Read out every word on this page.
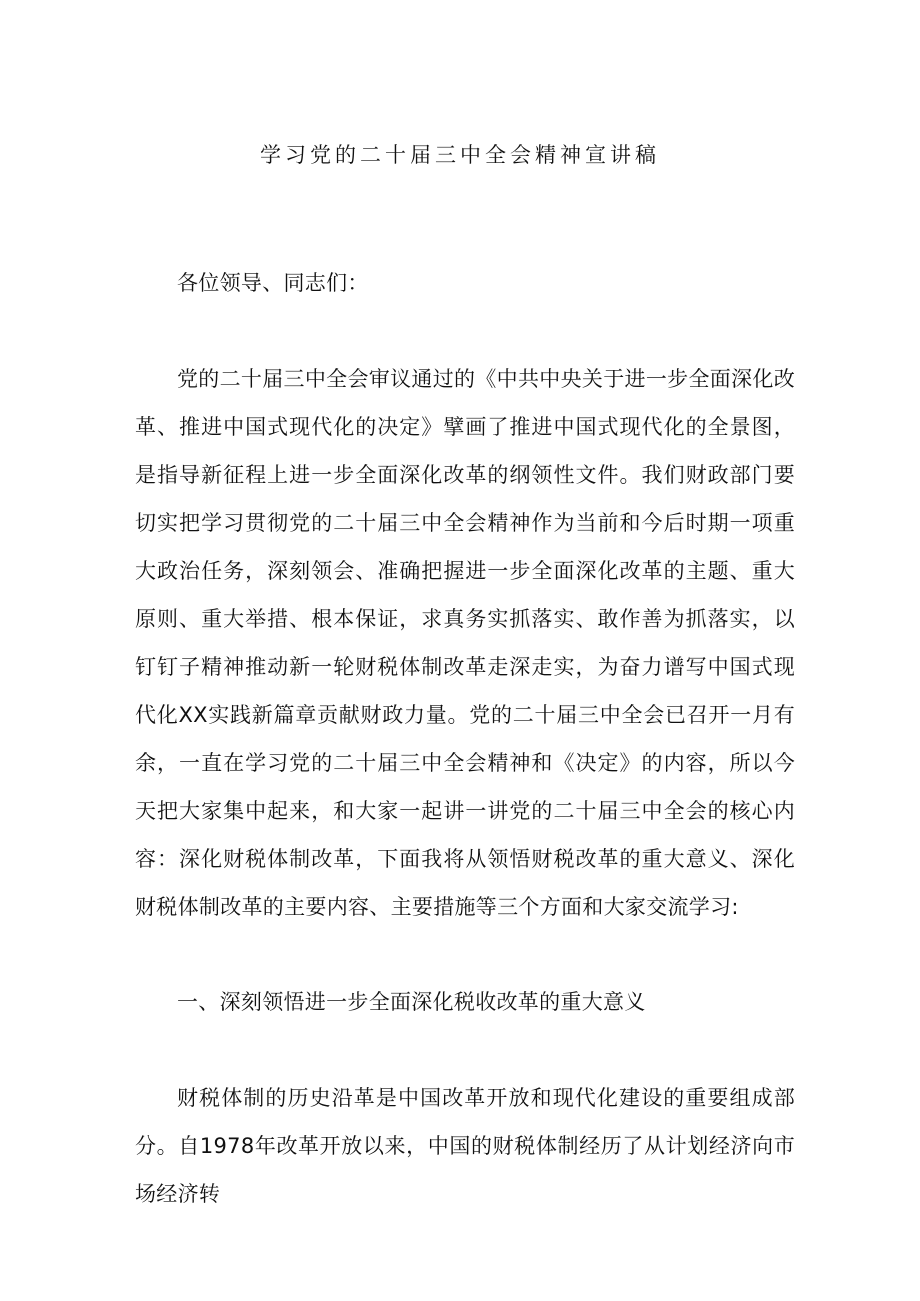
学习党的二十届三中全会精神宣讲稿

各位领导、同志们：

党的二十届三中全会审议通过的《中共中央关于进一步全面深化改革、推进中国式现代化的决定》擘画了推进中国式现代化的全景图，是指导新征程上进一步全面深化改革的纲领性文件。我们财政部门要切实把学习贯彻党的二十届三中全会精神作为当前和今后时期一项重大政治任务，深刻领会、准确把握进一步全面深化改革的主题、重大原则、重大举措、根本保证，求真务实抓落实、敢作善为抓落实，以钉钉子精神推动新一轮财税体制改革走深走实，为奋力谱写中国式现代化XX实践新篇章贡献财政力量。党的二十届三中全会已召开一月有余，一直在学习党的二十届三中全会精神和《决定》的内容，所以今天把大家集中起来，和大家一起讲一讲党的二十届三中全会的核心内容：深化财税体制改革，下面我将从领悟财税改革的重大意义、深化财税体制改革的主要内容、主要措施等三个方面和大家交流学习:

一、深刻领悟进一步全面深化税收改革的重大意义

财税体制的历史沿革是中国改革开放和现代化建设的重要组成部分。自1978年改革开放以来，中国的财税体制经历了从计划经济向市场经济转
